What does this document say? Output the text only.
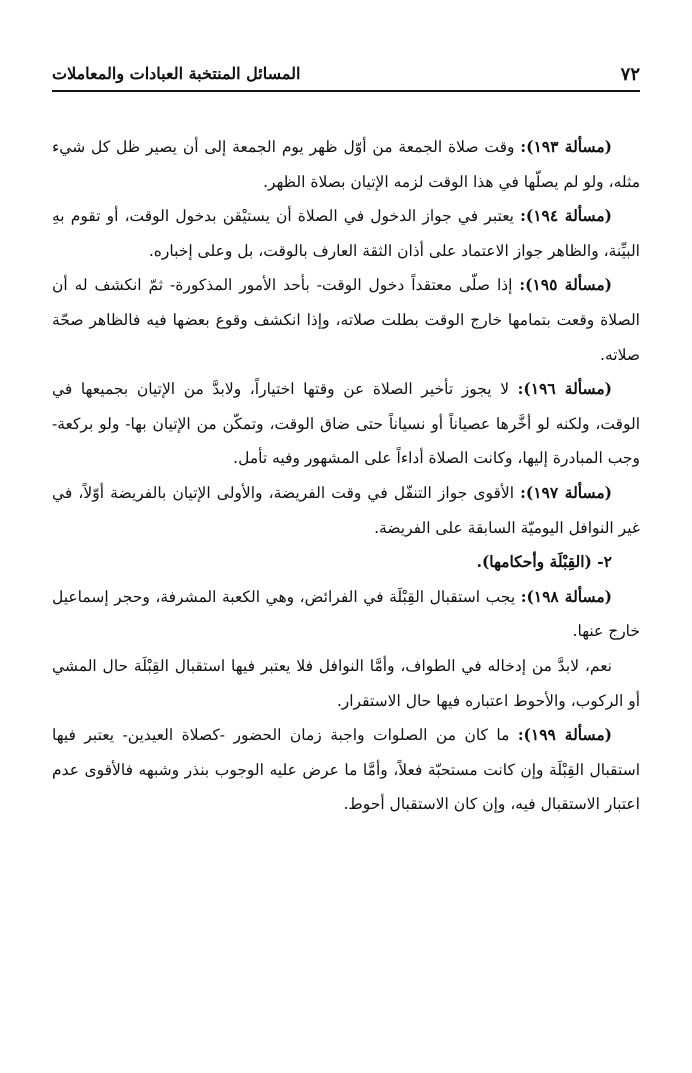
٧٢
المسائل المنتخبة العبادات والمعاملات

(مسألة ١٩٣): وقت صلاة الجمعة من أوّل ظهر يوم الجمعة إلى أن يصير ظل كل شيء مثله، ولو لم يصلّها في هذا الوقت لزمه الإتيان بصلاة الظهر.

(مسألة ١٩٤): يعتبر في جواز الدخول في الصلاة أن يستيْقن بدخول الوقت، أو تقوم بهِ البيِّنة، والظاهر جواز الاعتماد على أذان الثقة العارف بالوقت، بل وعلى إخباره.

(مسألة ١٩٥): إذا صلّى معتقداً دخول الوقت- بأحد الأمور المذكورة- ثمّ انكشف له أن الصلاة وقعت بتمامها خارج الوقت بطلت صلاته، وإذا انكشف وقوع بعضها فيه فالظاهر صحّة صلاته.

(مسألة ١٩٦): لا يجوز تأخير الصلاة عن وقتها اختياراً، ولابدَّ من الإتيان بجميعها في الوقت، ولكنه لو أخَّرها عصياناً أو نسياناً حتى ضاق الوقت، وتمكّن من الإتيان بها- ولو بركعة- وجب المبادرة إليها، وكانت الصلاة أداءاً على المشهور وفيه تأمل.

(مسألة ١٩٧): الأقوى جواز التنفّل في وقت الفريضة، والأولى الإتيان بالفريضة أوّلاً، في غير النوافل اليوميّة السابقة على الفريضة.

٢- (القِبْلَة وأحكامها).

(مسألة ١٩٨): يجب استقبال القِبْلَة في الفرائض، وهي الكعبة المشرفة، وحجر إسماعيل خارج عنها.

نعم، لابدَّ من إدخاله في الطواف، وأمَّا النوافل فلا يعتبر فيها استقبال القِبْلَة حال المشي أو الركوب، والأحوط اعتباره فيها حال الاستقرار.

(مسألة ١٩٩): ما كان من الصلوات واجبة زمان الحضور -كصلاة العيدين- يعتبر فيها استقبال القِبْلَة وإن كانت مستحبّة فعلاً، وأمَّا ما عرض عليه الوجوب بنذر وشبهه فالأقوى عدم اعتبار الاستقبال فيه، وإن كان الاستقبال أحوط.
